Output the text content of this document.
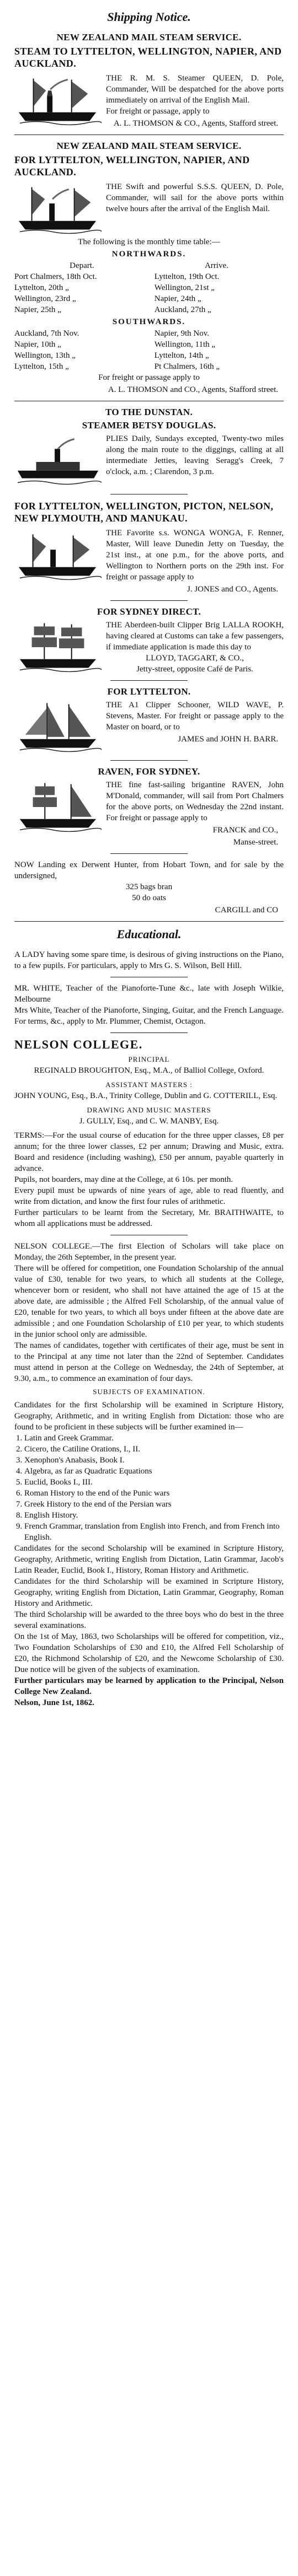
Shipping Notice.
NEW ZEALAND MAIL STEAM SERVICE.
STEAM TO LYTTELTON, WELLINGTON, NAPIER, AND AUCKLAND.

THE R. M. S. Steamer QUEEN, D. Pole, Commander, Will be despatched for the above ports immediately on arrival of the English Mail.

For freight or passage, apply to

A. L. THOMSON & CO., Agents, Stafford street.

NEW ZEALAND MAIL STEAM SERVICE.
FOR LYTTELTON, WELLINGTON, NAPIER, AND AUCKLAND.

THE Swift and powerful S.S.S. QUEEN, D. Pole, Commander, will sail for the above ports within twelve hours after the arrival of the English Mail.

The following is the monthly time table:—

NORTHWARDS.
Depart.	Arrive.
Port Chalmers, 18th Oct.
Lyttelton, 20th „
Wellington, 23rd „
Napier, 25th „
Lyttelton, 19th Oct.
Wellington, 21st „
Napier, 24th „
Auckland, 27th „
SOUTHWARDS.
Auckland, 7th Nov.
Napier, 10th „
Wellington, 13th „
Lyttelton, 15th „
Napier, 9th Nov.
Wellington, 11th „
Lyttelton, 14th „
Pt Chalmers, 16th „

For freight or passage apply to

A. L. THOMSON and CO., Agents, Stafford street.

TO THE DUNSTAN.
STEAMER BETSY DOUGLAS.

PLIES Daily, Sundays excepted, Twenty-two miles along the main route to the diggings, calling at all intermediate Jetties, leaving Seragg's Creek, 7 o'clock, a.m. ; Clarendon, 3 p.m.

FOR LYTTELTON, WELLINGTON, PICTON, NELSON, NEW PLYMOUTH, AND MANUKAU.

THE Favorite s.s. WONGA WONGA, F. Renner, Master, Will leave Dunedin Jetty on Tuesday, the 21st inst., at one p.m., for the above ports, and Wellington to Northern ports on the 29th inst. For freight or passage apply to

J. JONES and CO., Agents.

FOR SYDNEY DIRECT.

THE Aberdeen-built Clipper Brig LALLA ROOKH, having cleared at Customs can take a few passengers, if immediate application is made this day to

LLOYD, TAGGART, & CO.,

Jetty-street, opposite Café de Paris.

FOR LYTTELTON.

THE A1 Clipper Schooner, WILD WAVE, P. Stevens, Master. For freight or passage apply to the Master on board, or to

JAMES and JOHN H. BARR.

RAVEN, FOR SYDNEY.

THE fine fast-sailing brigantine RAVEN, John M'Donald, commander, will sail from Port Chalmers for the above ports, on Wednesday the 22nd instant. For freight or passage apply to

FRANCK and CO.,

Manse-street.

NOW Landing ex Derwent Hunter, from Hobart Town, and for sale by the undersigned,

325 bags bran

50 do oats

CARGILL and CO

Educational.

A LADY having some spare time, is desirous of giving instructions on the Piano, to a few pupils. For particulars, apply to Mrs G. S. Wilson, Bell Hill.

MR. WHITE, Teacher of the Pianoforte-Tune &c., late with Joseph Wilkie, Melbourne

Mrs White, Teacher of the Pianoforte, Singing, Guitar, and the French Language. For terms, &c., apply to Mr. Plummer, Chemist, Octagon.

NELSON COLLEGE.

PRINCIPAL

REGINALD BROUGHTON, Esq., M.A., of Balliol College, Oxford.

ASSISTANT MASTERS :

JOHN YOUNG, Esq., B.A., Trinity College, Dublin and G. COTTERILL, Esq.

DRAWING AND MUSIC MASTERS

J. GULLY, Esq., and C. W. MANBY, Esq.

TERMS:—For the usual course of education for the three upper classes, £8 per annum; for the three lower classes, £2 per annum; Drawing and Music, extra. Board and residence (including washing), £50 per annum, payable quarterly in advance.

Pupils, not boarders, may dine at the College, at 6 10s. per month.

Every pupil must be upwards of nine years of age, able to read fluently, and write from dictation, and know the first four rules of arithmetic.

Further particulars to be learnt from the Secretary, Mr. BRAITHWAITE, to whom all applications must be addressed.

NELSON COLLEGE.—The first Election of Scholars will take place on Monday, the 26th September, in the present year.

There will be offered for competition, one Foundation Scholarship of the annual value of £30, tenable for two years, to which all students at the College, whencever born or resident, who shall not have attained the age of 15 at the above date, are admissible ; the Alfred Fell Scholarship, of the annual value of £20, tenable for two years, to which all boys under fifteen at the above date are admissible ; and one Foundation Scholarship of £10 per year, to which students in the junior school only are admissible.

The names of candidates, together with certificates of their age, must be sent in to the Principal at any time not later than the 22nd of September. Candidates must attend in person at the College on Wednesday, the 24th of September, at 9.30, a.m., to commence an examination of four days.

SUBJECTS OF EXAMINATION.

Candidates for the first Scholarship will be examined in Scripture History, Geography, Arithmetic, and in writing English from Dictation: those who are found to be proficient in these subjects will be further examined in—

1. Latin and Greek Grammar.
2. Cicero, the Catiline Orations, I., II.
3. Xenophon's Anabasis, Book I.
4. Algebra, as far as Quadratic Equations
5. Euclid, Books I., III.
6. Roman History to the end of the Punic wars
7. Greek History to the end of the Persian wars
8. English History.
9. French Grammar, translation from English into French, and from French into English.

Candidates for the second Scholarship will be examined in Scripture History, Geography, Arithmetic, writing English from Dictation, Latin Grammar, Jacob's Latin Reader, Euclid, Book I., History, Roman History and Arithmetic.

Candidates for the third Scholarship will be examined in Scripture History, Geography, writing English from Dictation, Latin Grammar, Geography, Roman History and Arithmetic.

The third Scholarship will be awarded to the three boys who do best in the three several examinations.

On the 1st of May, 1863, two Scholarships will be offered for competition, viz., Two Foundation Scholarships of £30 and £10, the Alfred Fell Scholarship of £20, the Richmond Scholarship of £20, and the Newcome Scholarship of £30. Due notice will be given of the subjects of examination.

Further particulars may be learned by application to the Principal, Nelson College New Zealand.

Nelson, June 1st, 1862.
